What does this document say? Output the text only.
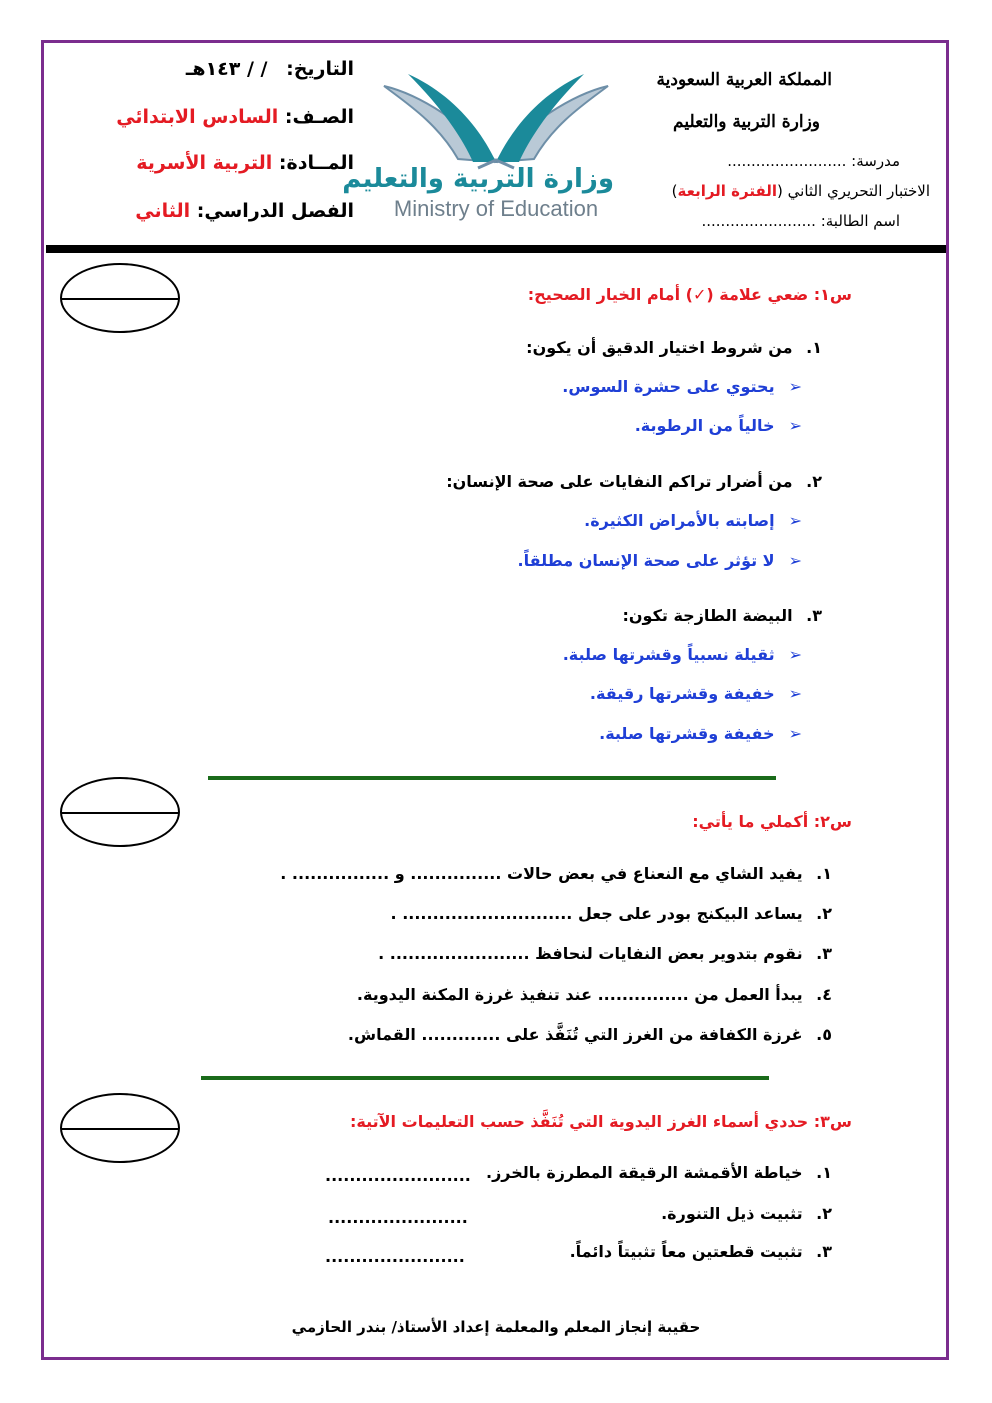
التاريخ: / / ١٤٣هـ
الصـف: السادس الابتدائي
المــادة: التربية الأسرية
الفصل الدراسي: الثاني
وزارة التربية والتعليم
Ministry of Education
المملكة العربية السعودية
وزارة التربية والتعليم
مدرسة: .........................
الاختبار التحريري الثاني (الفترة الرابعة)
اسم الطالبة: ........................
س١: ضعي علامة (✓) أمام الخيار الصحيح:
١. من شروط اختيار الدقيق أن يكون:
➢يحتوي على حشرة السوس.
➢خالياً من الرطوبة.
٢. من أضرار تراكم النفايات على صحة الإنسان:
➢إصابته بالأمراض الكثيرة.
➢لا تؤثر على صحة الإنسان مطلقاً.
٣. البيضة الطازجة تكون:
➢ثقيلة نسبياً وقشرتها صلبة.
➢خفيفة وقشرتها رقيقة.
➢خفيفة وقشرتها صلبة.
س٢: أكملي ما يأتي:
١. يفيد الشاي مع النعناع في بعض حالات ............... و ................ .
٢. يساعد البيكنج بودر على جعل ............................ .
٣. نقوم بتدوير بعض النفايات لنحافظ ....................... .
٤. يبدأ العمل من ............... عند تنفيذ غرزة المكنة اليدوية.
٥. غرزة الكفافة من الغرز التي تُنَفَّذ على ............. القماش.
س٣: حددي أسماء الغرز اليدوية التي تُنَفَّذ حسب التعليمات الآتية:
١. خياطة الأقمشة الرقيقة المطرزة بالخرز.
........................
٢. تثبيت ذيل التنورة.
.......................
٣. تثبيت قطعتين معاً تثبيتاً دائماً.
.......................
حقيبة إنجاز المعلم والمعلمة إعداد الأستاذ/ بندر الحازمي
